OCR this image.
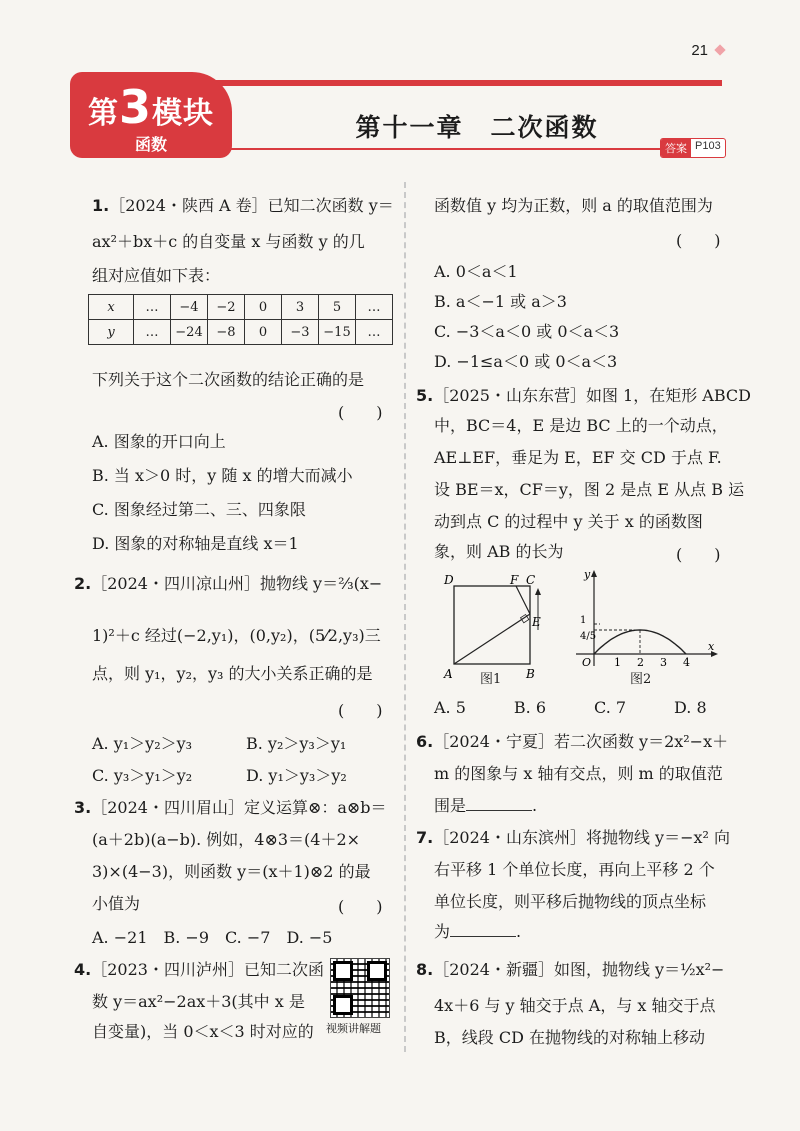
21
第3模块
函数
第十一章　二次函数
答案 P103
1.［2024・陕西 A 卷］已知二次函数 y＝
ax²＋bx＋c 的自变量 x 与函数 y 的几
组对应值如下表：
下列关于这个二次函数的结论正确的是
A. 图象的开口向上
B. 当 x＞0 时，y 随 x 的增大而减小
C. 图象经过第二、三、四象限
D. 图象的对称轴是直线 x＝1
2.［2024・四川凉山州］抛物线 y＝⅔(x−
1)²＋c 经过(−2,y₁)，(0,y₂)，(5⁄2,y₃)三
点，则 y₁，y₂，y₃ 的大小关系正确的是
A. y₁＞y₂＞y₃	B. y₂＞y₃＞y₁
C. y₃＞y₁＞y₂	D. y₁＞y₃＞y₂
3.［2024・四川眉山］定义运算⊗：a⊗b＝
(a＋2b)(a−b). 例如，4⊗3＝(4＋2×
3)×(4−3)，则函数 y＝(x＋1)⊗2 的最
小值为
A. −21　B. −9　C. −7　D. −5
4.［2023・四川泸州］已知二次函
数 y＝ax²−2ax＋3(其中 x 是
自变量)，当 0＜x＜3 时对应的
(　　)
(　　)
(　　)
x	…	−4	−2	0	3	5	…
y	…	−24	−8	0	−3	−15	…
视频讲解题
函数值 y 均为正数，则 a 的取值范围为
A. 0＜a＜1
B. a＜−1 或 a＞3
C. −3＜a＜0 或 0＜a＜3
D. −1≤a＜0 或 0＜a＜3
5.［2025・山东东营］如图 1，在矩形 ABCD
中，BC＝4，E 是边 BC 上的一个动点，
AE⊥EF，垂足为 E，EF 交 CD 于点 F.
设 BE＝x，CF＝y，图 2 是点 E 从点 B 运
动到点 C 的过程中 y 关于 x 的函数图
象，则 AB 的长为
A. 5　　　B. 6　　　C. 7　　　D. 8
6.［2024・宁夏］若二次函数 y＝2x²−x＋
m 的图象与 x 轴有交点，则 m 的取值范
围是	.
7.［2024・山东滨州］将抛物线 y＝−x² 向
右平移 1 个单位长度，再向上平移 2 个
单位长度，则平移后抛物线的顶点坐标
为	.
8.［2024・新疆］如图，抛物线 y＝½x²−
4x＋6 与 y 轴交于点 A，与 x 轴交于点
B，线段 CD 在抛物线的对称轴上移动
(　　)
(　　)
D	F C
E
A	B
图1
1 2 3 4
1
4/5
x
y
O
图2
